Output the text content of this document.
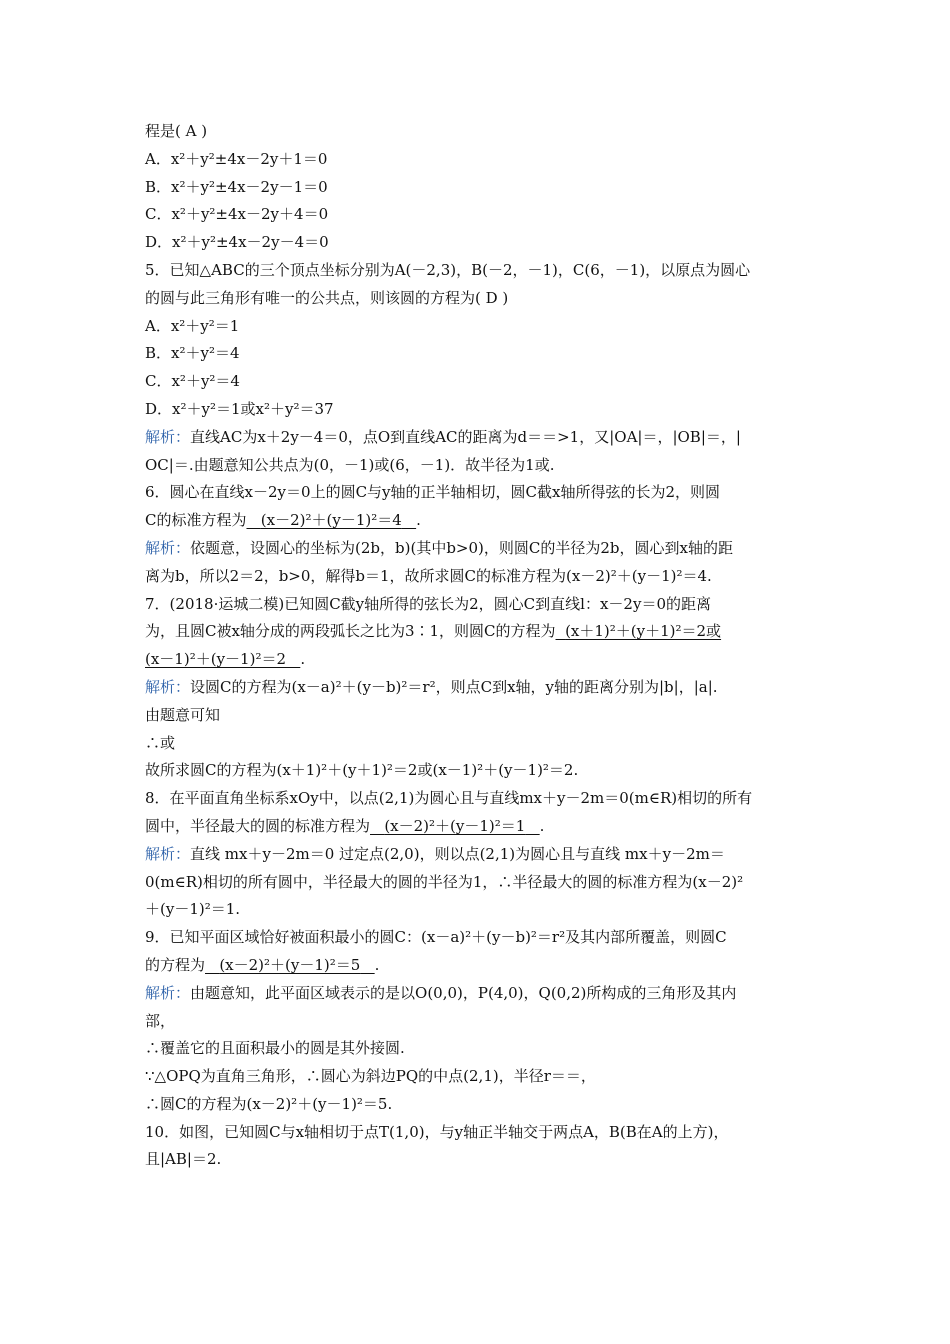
程是( A )
A．x²＋y²±4x－2y＋1＝0
B．x²＋y²±4x－2y－1＝0
C．x²＋y²±4x－2y＋4＝0
D．x²＋y²±4x－2y－4＝0
5．已知△ABC的三个顶点坐标分别为A(－2,3)，B(－2，－1)，C(6，－1)，以原点为圆心
的圆与此三角形有唯一的公共点，则该圆的方程为( D )
A．x²＋y²＝1
B．x²＋y²＝4
C．x²＋y²＝4
D．x²＋y²＝1或x²＋y²＝37
解析：直线AC为x＋2y－4＝0，点O到直线AC的距离为d＝＝>1，又|OA|＝，|OB|＝，|
OC|＝.由题意知公共点为(0，－1)或(6，－1)．故半径为1或.
6．圆心在直线x－2y＝0上的圆C与y轴的正半轴相切，圆C截x轴所得弦的长为2，则圆
C的标准方程为 (x－2)²＋(y－1)²＝4 .
解析：依题意，设圆心的坐标为(2b，b)(其中b>0)，则圆C的半径为2b，圆心到x轴的距
离为b，所以2＝2，b>0，解得b＝1，故所求圆C的标准方程为(x－2)²＋(y－1)²＝4.
7．(2018·运城二模)已知圆C截y轴所得的弦长为2，圆心C到直线l：x－2y＝0的距离
为，且圆C被x轴分成的两段弧长之比为3∶1，则圆C的方程为 (x＋1)²＋(y＋1)²＝2或
(x－1)²＋(y－1)²＝2 .
解析：设圆C的方程为(x－a)²＋(y－b)²＝r²，则点C到x轴，y轴的距离分别为|b|，|a|.
由题意可知
∴或
故所求圆C的方程为(x＋1)²＋(y＋1)²＝2或(x－1)²＋(y－1)²＝2.
8．在平面直角坐标系xOy中，以点(2,1)为圆心且与直线mx＋y－2m＝0(m∈R)相切的所有
圆中，半径最大的圆的标准方程为 (x－2)²＋(y－1)²＝1 .
解析：直线 mx＋y－2m＝0 过定点(2,0)，则以点(2,1)为圆心且与直线 mx＋y－2m＝
0(m∈R)相切的所有圆中，半径最大的圆的半径为1，∴半径最大的圆的标准方程为(x－2)²
＋(y－1)²＝1.
9．已知平面区域恰好被面积最小的圆C：(x－a)²＋(y－b)²＝r²及其内部所覆盖，则圆C
的方程为 (x－2)²＋(y－1)²＝5 .
解析：由题意知，此平面区域表示的是以O(0,0)，P(4,0)，Q(0,2)所构成的三角形及其内
部，
∴覆盖它的且面积最小的圆是其外接圆.
∵△OPQ为直角三角形，∴圆心为斜边PQ的中点(2,1)，半径r＝＝，
∴圆C的方程为(x－2)²＋(y－1)²＝5.
10．如图，已知圆C与x轴相切于点T(1,0)，与y轴正半轴交于两点A，B(B在A的上方)，
且|AB|＝2.
